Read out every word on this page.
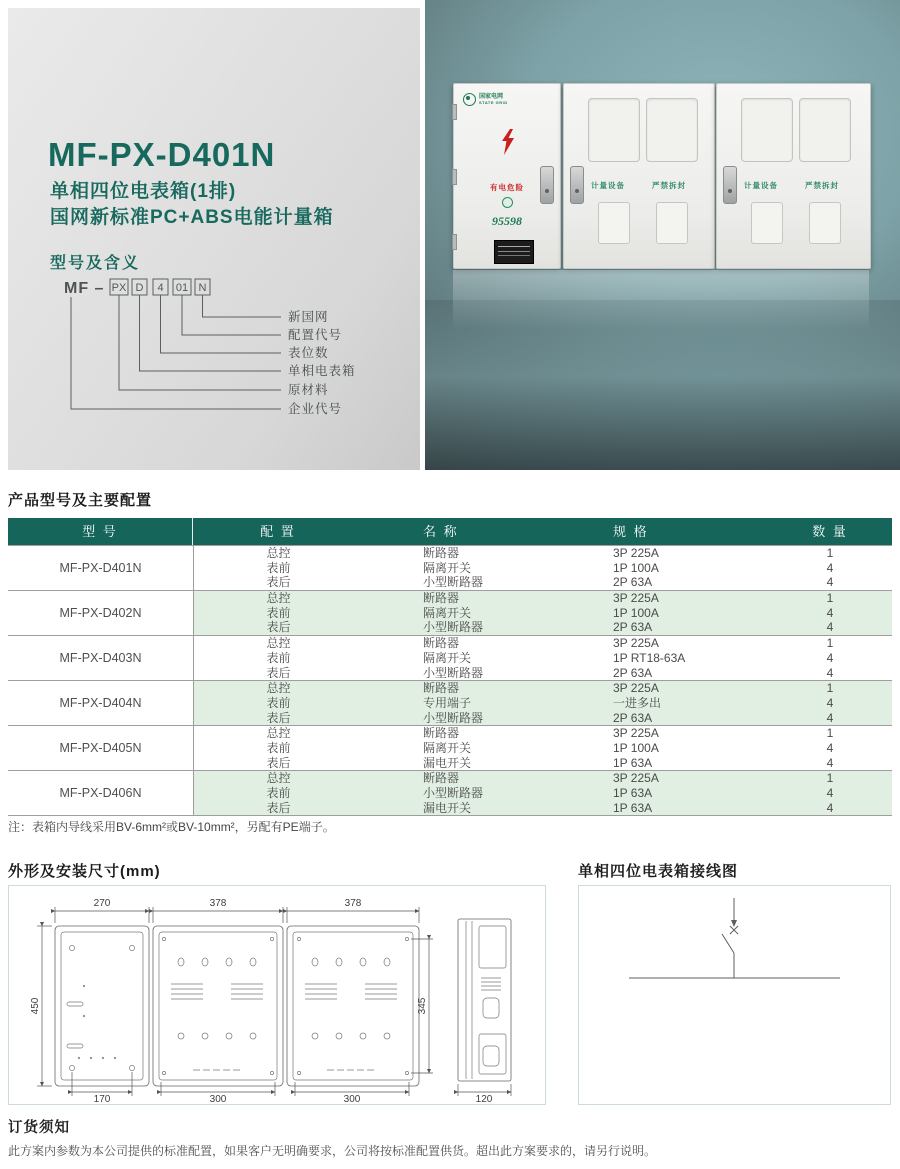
MF-PX-D401N
单相四位电表箱(1排)
国网新标准PC+ABS电能计量箱
型号及含义
MF – PX D 4 01 N
新国网
配置代号
表位数
单相电表箱
原材料
企业代号
国家电网
STATE GRID
有电危险
95598
计量设备	严禁拆封	计量设备	严禁拆封
产品型号及主要配置
型 号	配 置	名 称	规 格	数 量
MF-PX-D401N
总控	断路器	3P 225A	1
表前	隔离开关	1P 100A	4
表后	小型断路器	2P 63A	4
MF-PX-D402N
总控	断路器	3P 225A	1
表前	隔离开关	1P 100A	4
表后	小型断路器	2P 63A	4
MF-PX-D403N
总控	断路器	3P 225A	1
表前	隔离开关	1P RT18-63A	4
表后	小型断路器	2P 63A	4
MF-PX-D404N
总控	断路器	3P 225A	1
表前	专用端子	一进多出	4
表后	小型断路器	2P 63A	4
MF-PX-D405N
总控	断路器	3P 225A	1
表前	隔离开关	1P 100A	4
表后	漏电开关	1P 63A	4
MF-PX-D406N
总控	断路器	3P 225A	1
表前	小型断路器	1P 63A	4
表后	漏电开关	1P 63A	4
注：表箱内导线采用BV-6mm²或BV-10mm²，另配有PE端子。
外形及安装尺寸(mm)
270	378	378
450
170	300	300
345
120
单相四位电表箱接线图
订货须知
此方案内参数为本公司提供的标准配置，如果客户无明确要求，公司将按标准配置供货。超出此方案要求的，请另行说明。
